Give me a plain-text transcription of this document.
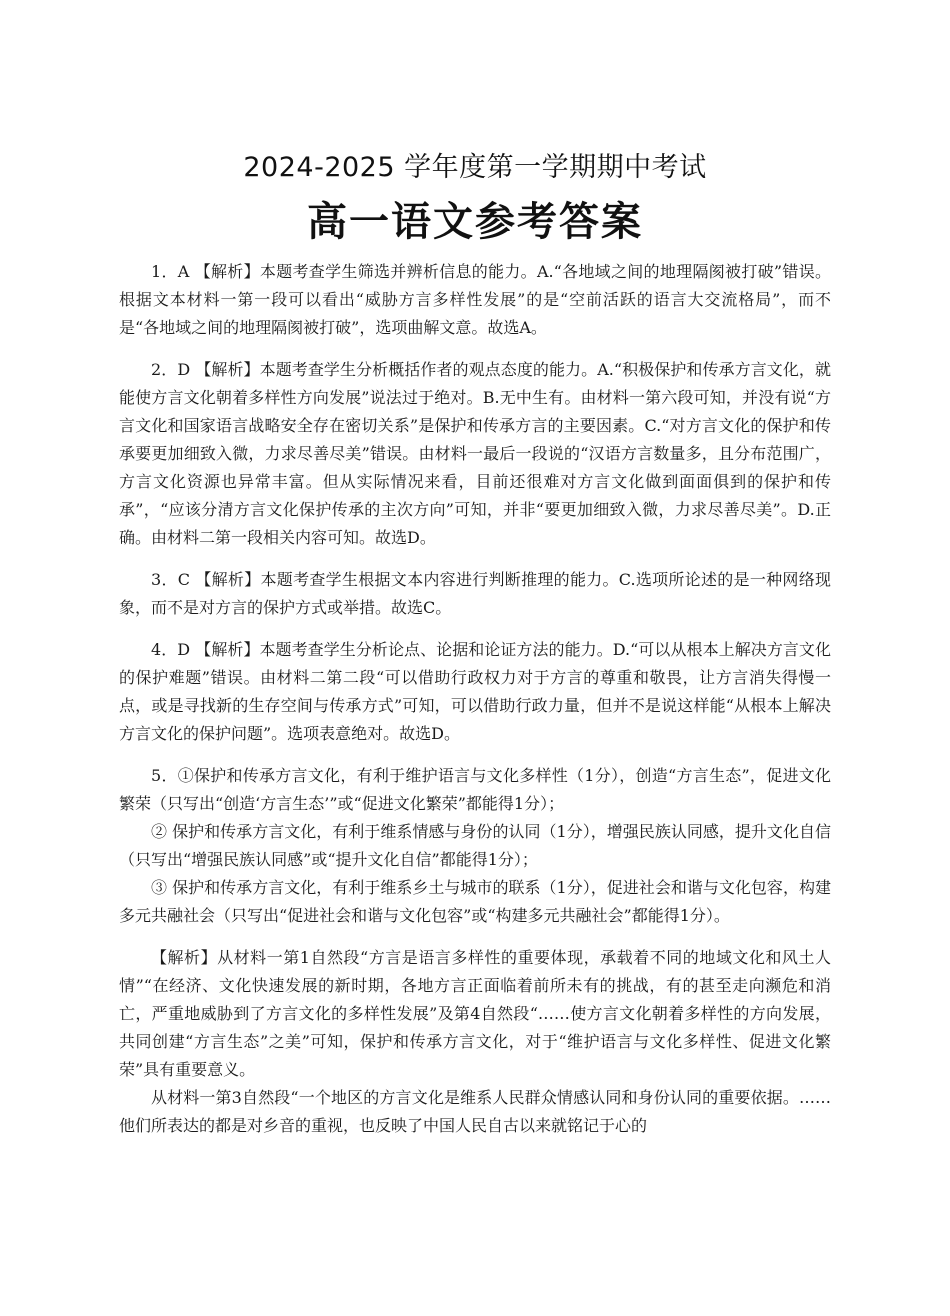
2024-2025 学年度第一学期期中考试
高一语文参考答案

1．A 【解析】本题考查学生筛选并辨析信息的能力。A.“各地域之间的地理隔阂被打破”错误。根据文本材料一第一段可以看出“威胁方言多样性发展”的是“空前活跃的语言大交流格局”，而不是“各地域之间的地理隔阂被打破”，选项曲解文意。故选A。

2．D 【解析】本题考查学生分析概括作者的观点态度的能力。A.“积极保护和传承方言文化，就能使方言文化朝着多样性方向发展”说法过于绝对。B.无中生有。由材料一第六段可知，并没有说“方言文化和国家语言战略安全存在密切关系”是保护和传承方言的主要因素。C.“对方言文化的保护和传承要更加细致入微，力求尽善尽美”错误。由材料一最后一段说的“汉语方言数量多，且分布范围广，方言文化资源也异常丰富。但从实际情况来看，目前还很难对方言文化做到面面俱到的保护和传承”，“应该分清方言文化保护传承的主次方向”可知，并非“要更加细致入微，力求尽善尽美”。D.正确。由材料二第一段相关内容可知。故选D。

3．C 【解析】本题考查学生根据文本内容进行判断推理的能力。C.选项所论述的是一种网络现象，而不是对方言的保护方式或举措。故选C。

4．D 【解析】本题考查学生分析论点、论据和论证方法的能力。D.“可以从根本上解决方言文化的保护难题”错误。由材料二第二段“可以借助行政权力对于方言的尊重和敬畏，让方言消失得慢一点，或是寻找新的生存空间与传承方式”可知，可以借助行政力量，但并不是说这样能“从根本上解决方言文化的保护问题”。选项表意绝对。故选D。

5．①保护和传承方言文化，有利于维护语言与文化多样性（1分），创造“方言生态”，促进文化繁荣（只写出“创造‘方言生态’”或“促进文化繁荣”都能得1分）；

② 保护和传承方言文化，有利于维系情感与身份的认同（1分），增强民族认同感，提升文化自信（只写出“增强民族认同感”或“提升文化自信”都能得1分）；

③ 保护和传承方言文化，有利于维系乡土与城市的联系（1分），促进社会和谐与文化包容，构建多元共融社会（只写出“促进社会和谐与文化包容”或“构建多元共融社会”都能得1分）。

【解析】从材料一第1自然段“方言是语言多样性的重要体现，承载着不同的地域文化和风土人情”“在经济、文化快速发展的新时期，各地方言正面临着前所未有的挑战，有的甚至走向濒危和消亡，严重地威胁到了方言文化的多样性发展”及第4自然段“……使方言文化朝着多样性的方向发展，共同创建“方言生态”之美”可知，保护和传承方言文化，对于“维护语言与文化多样性、促进文化繁荣”具有重要意义。

从材料一第3自然段“一个地区的方言文化是维系人民群众情感认同和身份认同的重要依据。……他们所表达的都是对乡音的重视，也反映了中国人民自古以来就铭记于心的
